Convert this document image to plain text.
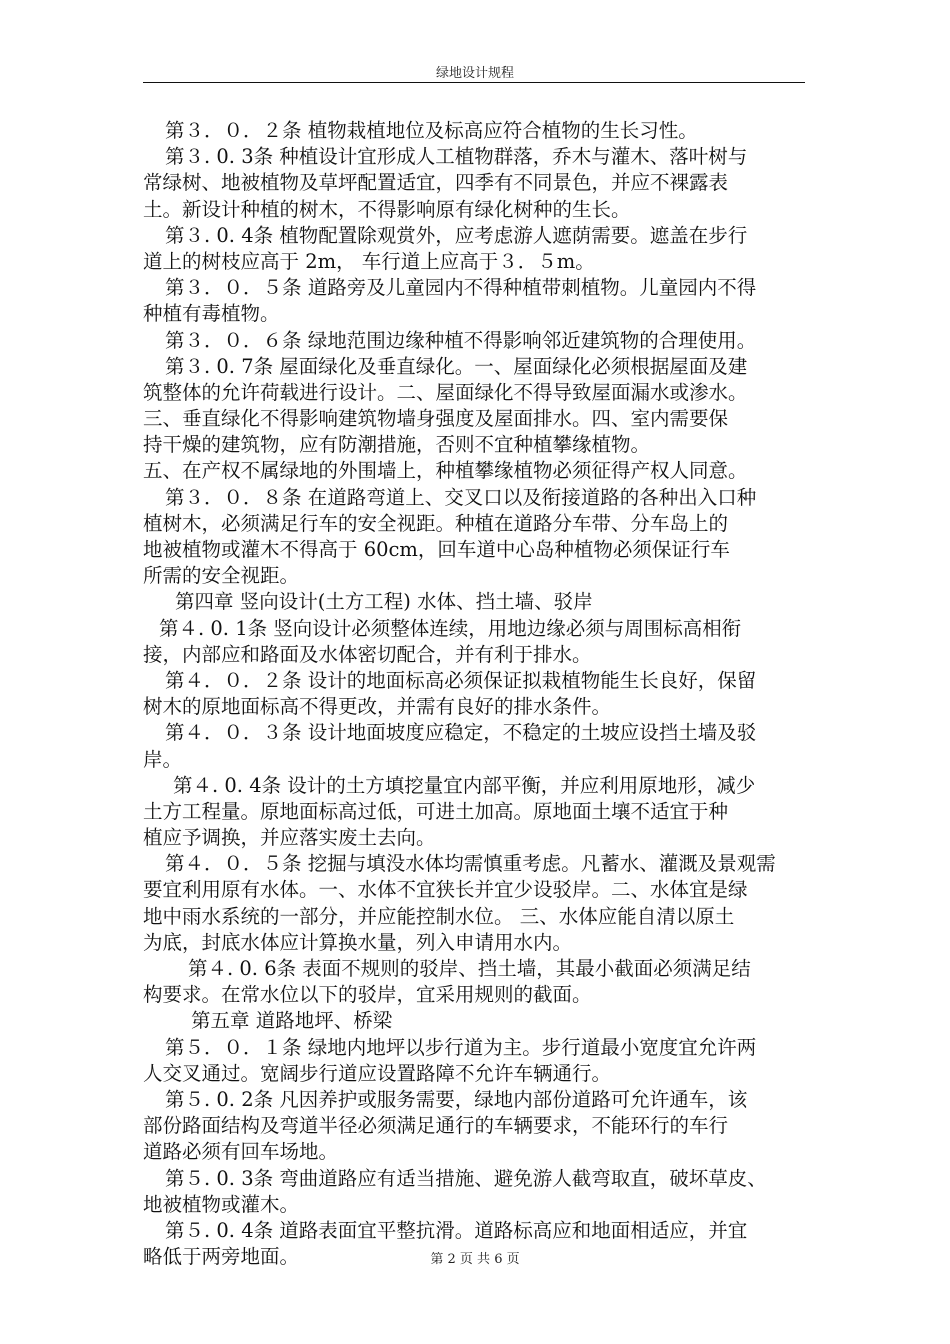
绿地设计规程
第３．０．２条 植物栽植地位及标高应符合植物的生长习性。
第３. 0. 3条 种植设计宜形成人工植物群落，乔木与灌木、落叶树与
常绿树、地被植物及草坪配置适宜，四季有不同景色，并应不裸露表
土。新设计种植的树木，不得影响原有绿化树种的生长。
第３. 0. 4条 植物配置除观赏外，应考虑游人遮荫需要。遮盖在步行
道上的树枝应高于 2m， 车行道上应高于３．５m。
第３．０．５条 道路旁及儿童园内不得种植带刺植物。儿童园内不得
种植有毒植物。
第３．０．６条 绿地范围边缘种植不得影响邻近建筑物的合理使用。
第３. 0. 7条 屋面绿化及垂直绿化。一、屋面绿化必须根据屋面及建
筑整体的允许荷载进行设计。二、屋面绿化不得导致屋面漏水或渗水。
三、垂直绿化不得影响建筑物墙身强度及屋面排水。四、室内需要保
持干燥的建筑物，应有防潮措施，否则不宜种植攀缘植物。
五、在产权不属绿地的外围墙上，种植攀缘植物必须征得产权人同意。
第３．０．８条 在道路弯道上、交叉口以及衔接道路的各种出入口种
植树木，必须满足行车的安全视距。种植在道路分车带、分车岛上的
地被植物或灌木不得高于 60cm，回车道中心岛种植物必须保证行车
所需的安全视距。
第四章 竖向设计(土方工程) 水体、挡土墙、驳岸
第４. 0. 1条 竖向设计必须整体连续，用地边缘必须与周围标高相衔
接，内部应和路面及水体密切配合，并有利于排水。
第４．０．２条 设计的地面标高必须保证拟栽植物能生长良好，保留
树木的原地面标高不得更改，并需有良好的排水条件。
第４．０．３条 设计地面坡度应稳定，不稳定的土坡应设挡土墙及驳
岸。
第４. 0. 4条 设计的土方填挖量宜内部平衡，并应利用原地形，减少
土方工程量。原地面标高过低，可进土加高。原地面土壤不适宜于种
植应予调换，并应落实废土去向。
第４．０．５条 挖掘与填没水体均需慎重考虑。凡蓄水、灌溉及景观需
要宜利用原有水体。一、水体不宜狭长并宜少设驳岸。二、水体宜是绿
地中雨水系统的一部分，并应能控制水位。 三、水体应能自清以原土
为底，封底水体应计算换水量，列入申请用水内。
第４. 0. 6条 表面不规则的驳岸、挡土墙，其最小截面必须满足结
构要求。在常水位以下的驳岸，宜采用规则的截面。
第五章 道路地坪、桥梁
第５．０．１条 绿地内地坪以步行道为主。步行道最小宽度宜允许两
人交叉通过。宽阔步行道应设置路障不允许车辆通行。
第５. 0. 2条 凡因养护或服务需要，绿地内部份道路可允许通车，该
部份路面结构及弯道半径必须满足通行的车辆要求，不能环行的车行
道路必须有回车场地。
第５. 0. 3条 弯曲道路应有适当措施、避免游人截弯取直，破坏草皮、
地被植物或灌木。
第５. 0. 4条 道路表面宜平整抗滑。道路标高应和地面相适应，并宜
略低于两旁地面。	第 2 页 共 6 页
